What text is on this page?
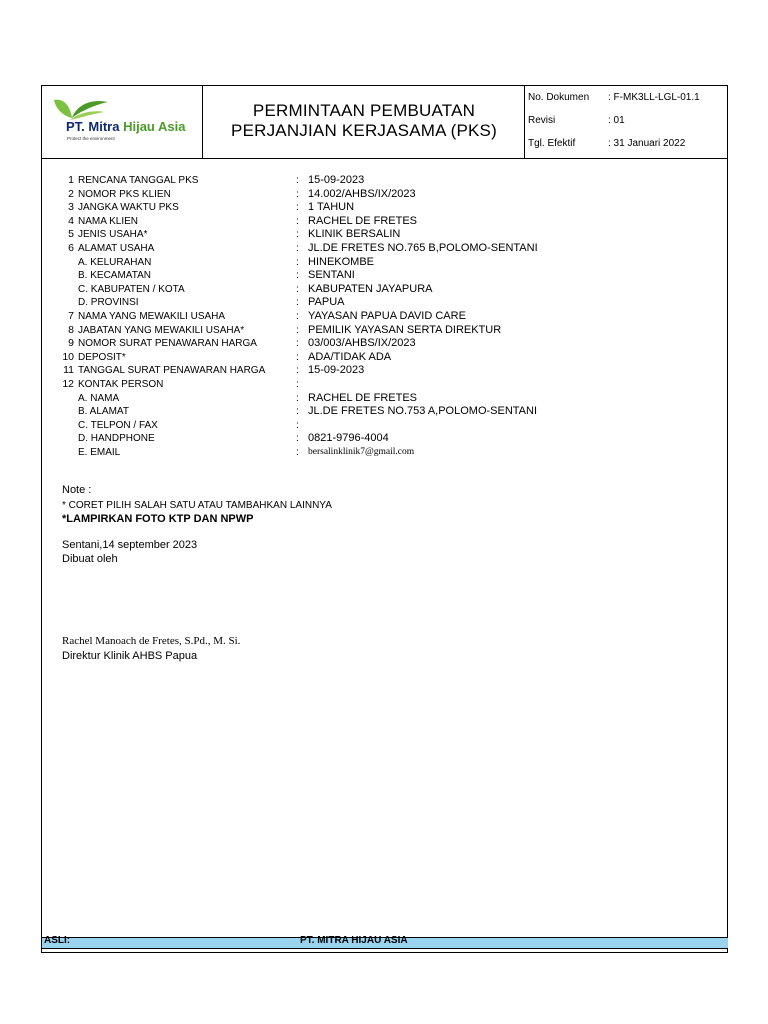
PT. Mitra Hijau Asia
Protect the environment
PERMINTAAN PEMBUATAN
PERJANJIAN KERJASAMA (PKS)
No. Dokumen : F-MK3LL-LGL-01.1
Revisi	: 01
Tgl. Efektif	: 31 Januari 2022
1 RENCANA TANGGAL PKS	: 15-09-2023
2 NOMOR PKS KLIEN	: 14.002/AHBS/IX/2023
3 JANGKA WAKTU PKS	: 1 TAHUN
4 NAMA KLIEN	: RACHEL DE FRETES
5 JENIS USAHA*	: KLINIK BERSALIN
6 ALAMAT USAHA	: JL.DE FRETES NO.765 B,POLOMO-SENTANI
A. KELURAHAN	: HINEKOMBE
B. KECAMATAN	: SENTANI
C. KABUPATEN / KOTA	: KABUPATEN JAYAPURA
D. PROVINSI	: PAPUA
7 NAMA YANG MEWAKILI USAHA	: YAYASAN PAPUA DAVID CARE
8 JABATAN YANG MEWAKILI USAHA*	: PEMILIK YAYASAN SERTA DIREKTUR
9 NOMOR SURAT PENAWARAN HARGA	: 03/003/AHBS/IX/2023
10 DEPOSIT*	: ADA/TIDAK ADA
11 TANGGAL SURAT PENAWARAN HARGA	: 15-09-2023
12 KONTAK PERSON	:
A. NAMA	: RACHEL DE FRETES
B. ALAMAT	: JL.DE FRETES NO.753 A,POLOMO-SENTANI
C. TELPON / FAX	:
D. HANDPHONE	: 0821-9796-4004
E. EMAIL	: bersalinklinik7@gmail.com
Note :
* CORET PILIH SALAH SATU ATAU TAMBAHKAN LAINNYA
*LAMPIRKAN FOTO KTP DAN NPWP
Sentani,14 september 2023
Dibuat oleh
Rachel Manoach de Fretes, S.Pd., M. Si.
Direktur Klinik AHBS Papua
ASLI:	PT. MITRA HIJAU ASIA
